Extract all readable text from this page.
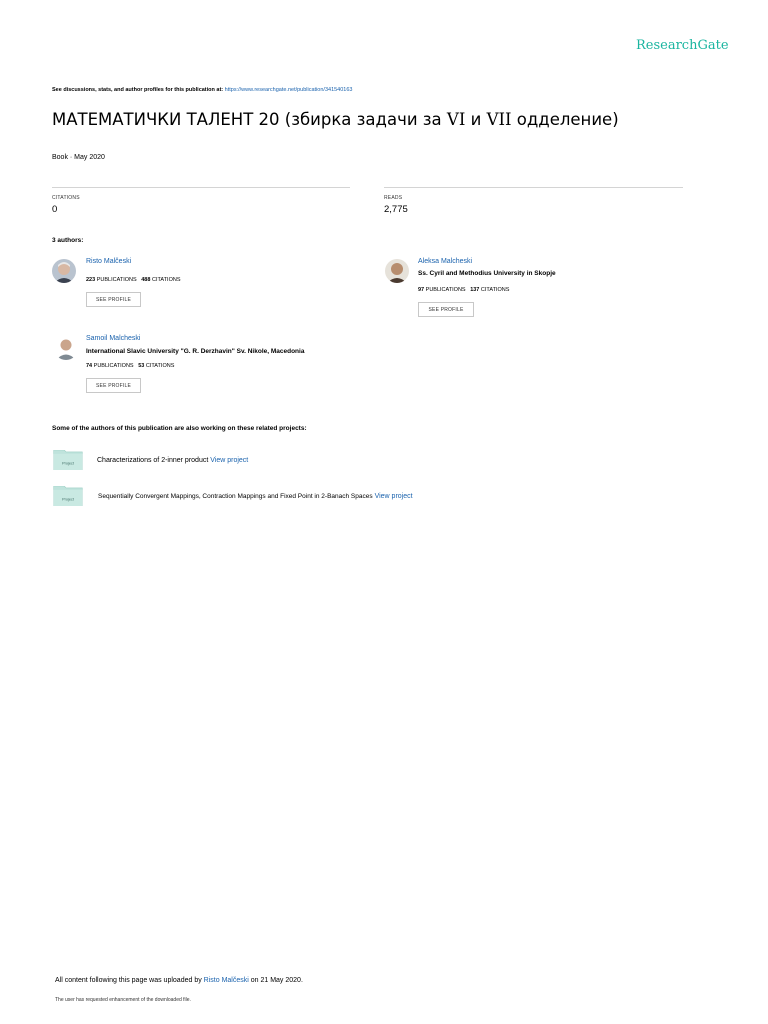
ResearchGate
See discussions, stats, and author profiles for this publication at: https://www.researchgate.net/publication/341540163
МАТЕМАТИЧКИ ТАЛЕНТ 20 (збирка задачи за VI и VII одделение)
Book · May 2020
CITATIONS
0
READS
2,775
3 authors:
Risto Malčeski
223 PUBLICATIONS 488 CITATIONS
SEE PROFILE
Aleksa Malcheski
Ss. Cyril and Methodius University in Skopje
97 PUBLICATIONS 137 CITATIONS
SEE PROFILE
Samoil Malcheski
International Slavic University "G. R. Derzhavin" Sv. Nikole, Macedonia
74 PUBLICATIONS 53 CITATIONS
SEE PROFILE
Some of the authors of this publication are also working on these related projects:
Project	Characterizations of 2-inner product View project
Project	Sequentially Convergent Mappings, Contraction Mappings and Fixed Point in 2-Banach Spaces View project
All content following this page was uploaded by Risto Malčeski on 21 May 2020.
The user has requested enhancement of the downloaded file.
